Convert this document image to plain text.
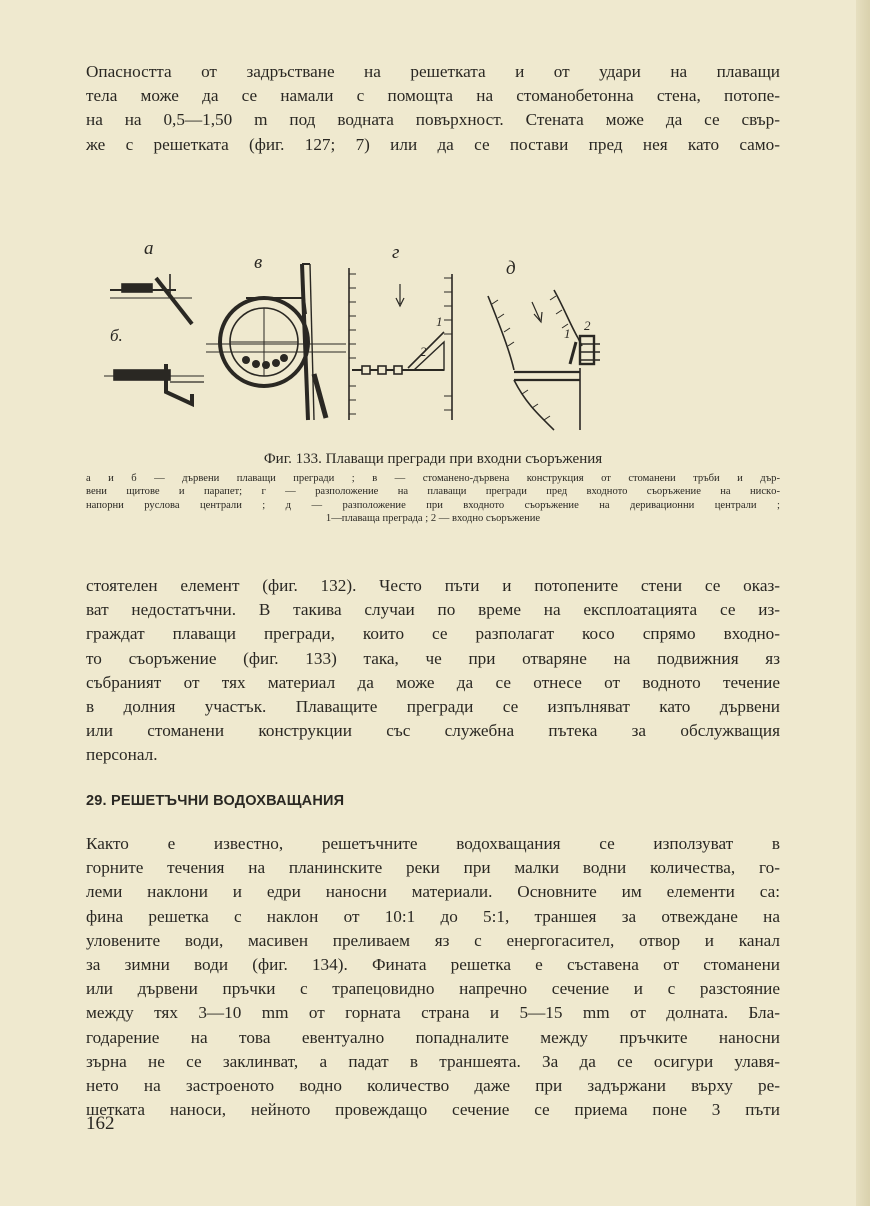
Опасността от задръстване на решетката и от удари на плаващи
тела може да се намали с помощта на стоманобетонна стена, потопе-
на на 0,5—1,50 m под водната повърхност. Стената може да се свър-
же с решетката (фиг. 127; 7) или да се постави пред нея като само-
а
б.
в	г
д
1
2
1
2
Фиг. 133. Плаващи прегради при входни съоръжения
а и б — дървени плаващи прегради ; в — стоманено-дървена конструкция от стоманени тръби и дър-
вени щитове и парапет; г — разположение на плаващи прегради пред входното съоръжение на нискo-
напорни руслова централи ; д — разположение при входното съоръжение на деривационни централи ;
1—плаваща преграда ; 2 — входно съоръжение
стоятелен елемент (фиг. 132). Често пъти и потопените стени се оказ-
ват недостатъчни. В такива случаи по време на експлоатацията се из-
граждат плаващи прегради, които се разполагат косо спрямо входно-
то съоръжение (фиг. 133) така, че при отваряне на подвижния яз
събраният от тях материал да може да се отнесе от водното течение
в долния участък. Плаващите прегради се изпълняват като дървени
или стоманени конструкции със служебна пътека за обслужващия
персонал.
29. РЕШЕТЪЧНИ ВОДОХВАЩАНИЯ
Както е известно, решетъчните водохващания се използуват в
горните течения на планинските реки при малки водни количества, го-
леми наклони и едри наносни материали. Основните им елементи са:
фина решетка с наклон от 10:1 до 5:1, траншея за отвеждане на
уловените води, масивен преливаем яз с енергогасител, отвор и канал
за зимни води (фиг. 134). Фината решетка е съставена от стоманени
или дървени пръчки с трапецовидно напречно сечение и с разстояние
между тях 3—10 mm от горната страна и 5—15 mm от долната. Бла-
годарение на това евентуално попадналите между пръчките наносни
зърна не се заклинват, а падат в траншеята. За да се осигури улавя-
нето на застроеното водно количество даже при задържани върху ре-
шетката наноси, нейното провеждащо сечение се приема поне 3 пъти
162
